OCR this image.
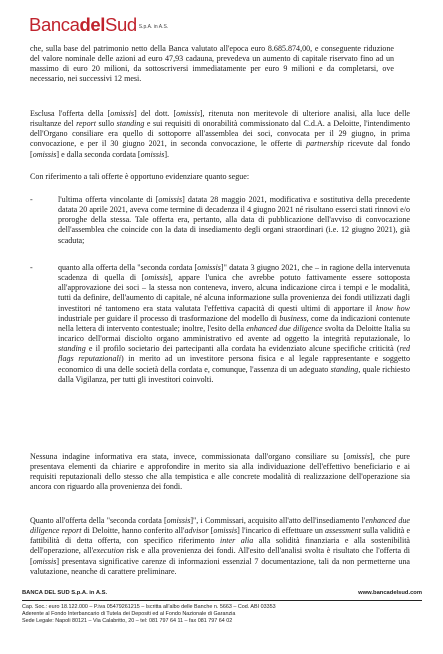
BancadelSud S.p.A. in A.S.
che, sulla base del patrimonio netto della Banca valutato all'epoca euro 8.685.874,00, e conseguente riduzione del valore nominale delle azioni ad euro 47,93 cadauna, prevedeva un aumento di capitale riservato fino ad un massimo di euro 20 milioni, da sottoscriversi immediatamente per euro 9 milioni e da completarsi, ove necessario, nei successivi 12 mesi.
Esclusa l'offerta della [omissis] del dott. [omissis], ritenuta non meritevole di ulteriore analisi, alla luce delle risultanze del report sullo standing e sui requisiti di onorabilità commissionato dal C.d.A. a Deloitte, l'intendimento dell'Organo consiliare era quello di sottoporre all'assemblea dei soci, convocata per il 29 giugno, in prima convocazione, e per il 30 giugno 2021, in seconda convocazione, le offerte di partnership ricevute dal fondo [omissis] e dalla seconda cordata [omissis].
Con riferimento a tali offerte è opportuno evidenziare quanto segue:
-	l'ultima offerta vincolante di [omissis] datata 28 maggio 2021, modificativa e sostitutiva della precedente datata 20 aprile 2021, aveva come termine di decadenza il 4 giugno 2021 né risultano esserci stati rinnovi e/o proroghe della stessa. Tale offerta era, pertanto, alla data di pubblicazione dell'avviso di convocazione dell'assemblea che coincide con la data di insediamento degli organi straordinari (i.e. 12 giugno 2021), già scaduta;
-	quanto alla offerta della "seconda cordata [omissis]" datata 3 giugno 2021, che – in ragione della intervenuta scadenza di quella di [omissis], appare l'unica che avrebbe potuto fattivamente essere sottoposta all'approvazione dei soci – la stessa non conteneva, invero, alcuna indicazione circa i tempi e le modalità, tutti da definire, dell'aumento di capitale, né alcuna informazione sulla provenienza dei fondi utilizzati dagli investitori né tantomeno era stata valutata l'effettiva capacità di questi ultimi di apportare il know how industriale per guidare il processo di trasformazione del modello di business, come da indicazioni contenute nella lettera di intervento contestuale; inoltre, l'esito della enhanced due diligence svolta da Deloitte Italia su incarico dell'ormai disciolto organo amministrativo ed avente ad oggetto la integrità reputazionale, lo standing e il profilo societario dei partecipanti alla cordata ha evidenziato alcune specifiche criticità (red flags reputazionali) in merito ad un investitore persona fisica e al legale rappresentante e soggetto economico di una delle società della cordata e, comunque, l'assenza di un adeguato standing, quale richiesto dalla Vigilanza, per tutti gli investitori coinvolti.
Nessuna indagine informativa era stata, invece, commissionata dall'organo consiliare su [omissis], che pure presentava elementi da chiarire e approfondire in merito sia alla individuazione dell'effettivo beneficiario e ai requisiti reputazionali dello stesso che alla tempistica e alle concrete modalità di realizzazione dell'operazione sia ancora con riguardo alla provenienza dei fondi.
Quanto all'offerta della "seconda cordata [omissis]", i Commissari, acquisito all'atto dell'insediamento l'enhanced due diligence report di Deloitte, hanno conferito all'advisor [omissis] l'incarico di effettuare un assessment sulla validità e fattibilità di detta offerta, con specifico riferimento inter alia alla solidità finanziaria e alla sostenibilità dell'operazione, all'execution risk e alla provenienza dei fondi. All'esito dell'analisi svolta è risultato che l'offerta di [omissis] presentava significative carenze di informazioni essenzial 7 documentazione, tali da non permetterne una valutazione, neanche di carattere preliminare.
BANCA DEL SUD S.p.A. in A.S.	www.bancadelsud.com
Cap. Soc.: euro 18.122.000 – P.iva 05479261215 – Iscritta all'albo delle Banche n. 5663 – Cod. ABI 03353
Aderente al Fondo Interbancario di Tutela dei Depositi ed al Fondo Nazionale di Garanzia
Sede Legale: Napoli 80121 – Via Calabritto, 20 – tel: 081 797 64 11 – fax 081 797 64 02
